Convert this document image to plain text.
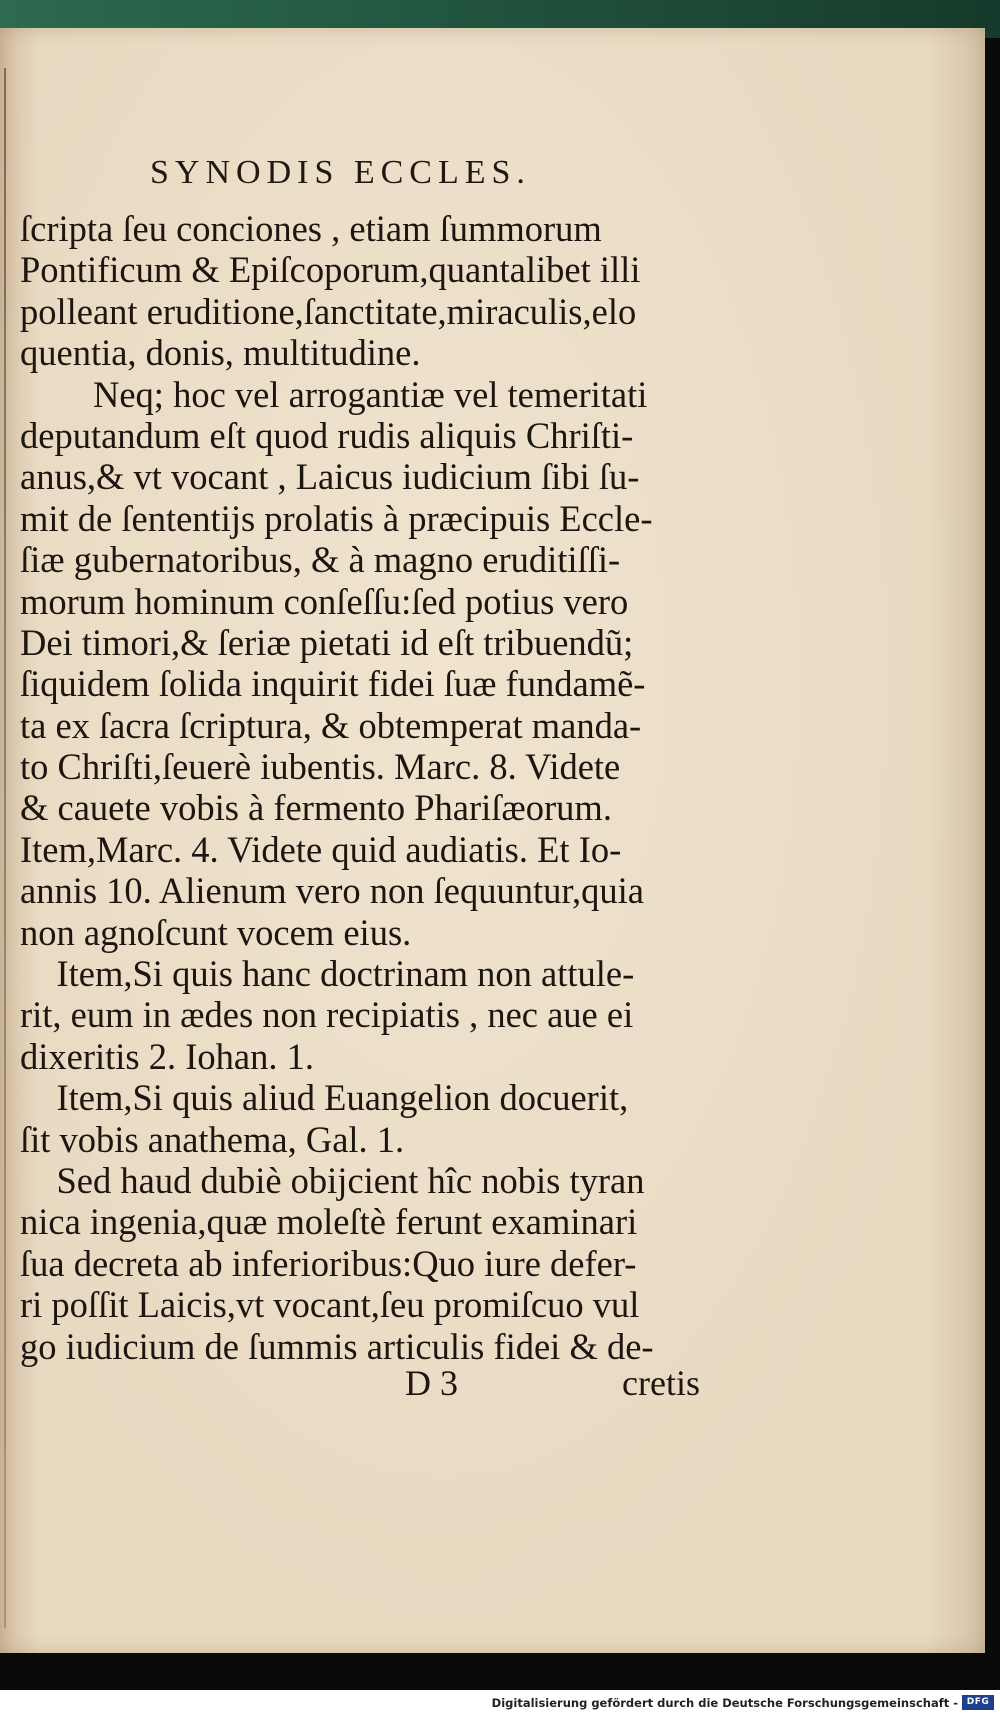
SYNODIS ECCLES.
ſcripta ſeu conciones , etiam ſummorum
Pontificum & Epiſcoporum,quantalibet illi
polleant eruditione,ſanctitate,miraculis,elo
quentia, donis, multitudine.
Neq; hoc vel arrogantiæ vel temeritati
deputandum eſt quod rudis aliquis Chriſti-
anus,& vt vocant , Laicus iudicium ſibi ſu-
mit de ſententijs prolatis à præcipuis Eccle-
ſiæ gubernatoribus, & à magno eruditiſſi-
morum hominum conſeſſu:ſed potius vero
Dei timori,& ſeriæ pietati id eſt tribuendũ;
ſiquidem ſolida inquirit fidei ſuæ fundamẽ-
ta ex ſacra ſcriptura, & obtemperat manda-
to Chriſti,ſeuerè iubentis. Marc. 8. Videte
& cauete vobis à fermento Phariſæorum.
Item,Marc. 4. Videte quid audiatis. Et Io-
annis 10. Alienum vero non ſequuntur,quia
non agnoſcunt vocem eius.
Item,Si quis hanc doctrinam non attule-
rit, eum in ædes non recipiatis , nec aue ei
dixeritis 2. Iohan. 1.
Item,Si quis aliud Euangelion docuerit,
ſit vobis anathema, Gal. 1.
Sed haud dubiè obijcient hîc nobis tyran
nica ingenia,quæ moleſtè ferunt examinari
ſua decreta ab inferioribus:Quo iure defer-
ri poſſit Laicis,vt vocant,ſeu promiſcuo vul
go iudicium de ſummis articulis fidei & de-
D 3	cretis
Digitalisierung gefördert durch die Deutsche Forschungsgemeinschaft - DFG
